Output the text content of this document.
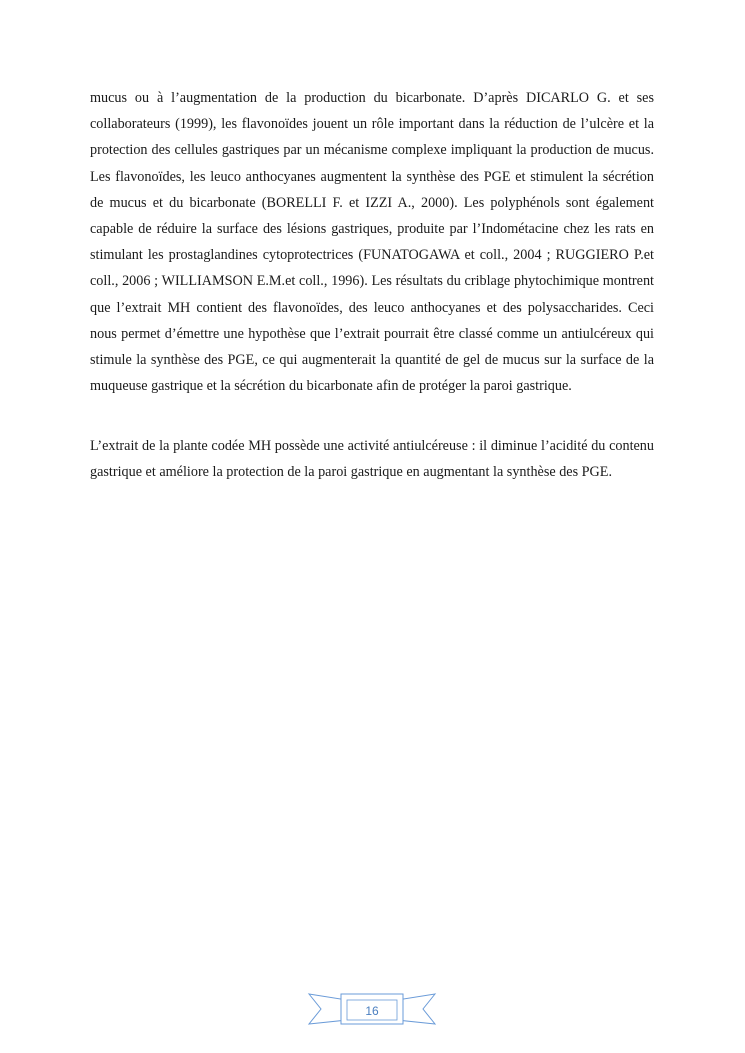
mucus ou à l’augmentation de la production du bicarbonate. D’après DICARLO G. et ses collaborateurs (1999), les flavonoïdes jouent un rôle important dans la réduction de l’ulcère et la protection des cellules gastriques par un mécanisme complexe impliquant la production de mucus. Les flavonoïdes, les leuco anthocyanes augmentent la synthèse des PGE et stimulent la sécrétion de mucus et du bicarbonate (BORELLI F. et IZZI A., 2000). Les polyphénols sont également capable de réduire la surface des lésions gastriques, produite par l’Indométacine chez les rats en stimulant les prostaglandines cytoprotectrices (FUNATOGAWA et coll., 2004 ; RUGGIERO P.et coll., 2006 ; WILLIAMSON E.M.et coll., 1996). Les résultats du criblage phytochimique montrent que l’extrait MH contient des flavonoïdes, des leuco anthocyanes et des polysaccharides. Ceci nous permet d’émettre une hypothèse que l’extrait pourrait être classé comme un antiulcéreux qui stimule la synthèse des PGE, ce qui augmenterait la quantité de gel de mucus sur la surface de la muqueuse gastrique et la sécrétion du bicarbonate afin de protéger la paroi gastrique.

L’extrait de la plante codée MH possède une activité antiulcéreuse : il diminue l’acidité du contenu gastrique et améliore la protection de la paroi gastrique en augmentant la synthèse des PGE.

16
